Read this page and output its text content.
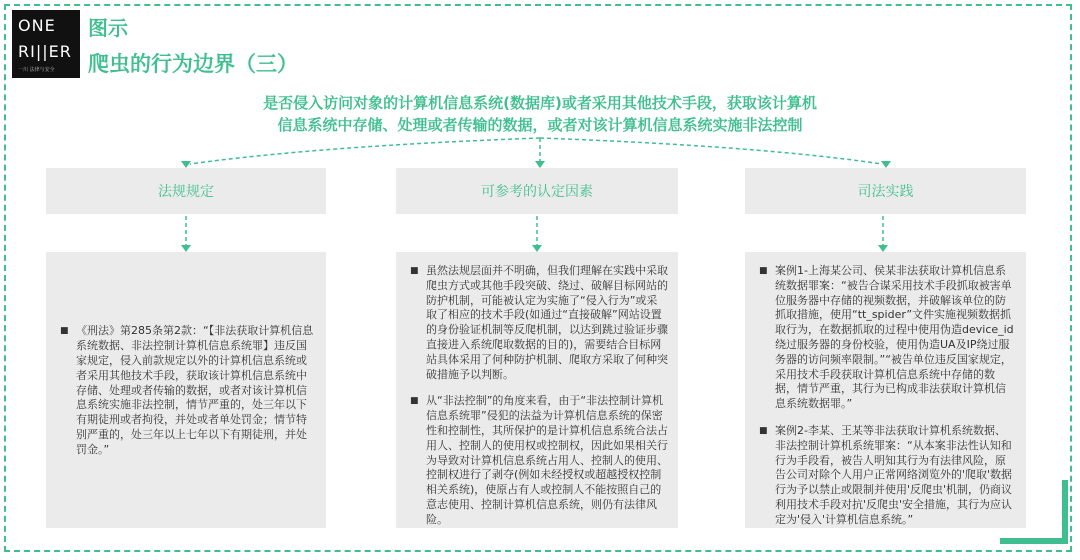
ONE
RI||ER
一川 法律与安全
图示
爬虫的行为边界（三）
是否侵入访问对象的计算机信息系统(数据库)或者采用其他技术手段，获取该计算机
信息系统中存储、处理或者传输的数据，或者对该计算机信息系统实施非法控制
法规规定	可参考的认定因素	司法实践
■ 《刑法》第285条第2款：“【非法获取计算机信息系统数据、非法控制计算机信息系统罪】违反国家规定，侵入前款规定以外的计算机信息系统或者采用其他技术手段，获取该计算机信息系统中存储、处理或者传输的数据，或者对该计算机信息系统实施非法控制，情节严重的，处三年以下有期徒刑或者拘役，并处或者单处罚金；情节特别严重的，处三年以上七年以下有期徒刑，并处罚金。”
■ 虽然法规层面并不明确，但我们理解在实践中采取爬虫方式或其他手段突破、绕过、破解目标网站的防护机制，可能被认定为实施了“侵入行为”或采取了相应的技术手段(如通过“直接破解”网站设置的身份验证机制等反爬机制，以达到跳过验证步骤直接进入系统爬取数据的目的)，需要结合目标网站具体采用了何种防护机制、爬取方采取了何种突破措施予以判断。
■ 从“非法控制”的角度来看，由于“非法控制计算机信息系统罪”侵犯的法益为计算机信息系统的保密性和控制性，其所保护的是计算机信息系统合法占用人、控制人的使用权或控制权，因此如果相关行为导致对计算机信息系统占用人、控制人的使用、控制权进行了剥夺(例如未经授权或超越授权控制相关系统)，使原占有人或控制人不能按照自己的意志使用、控制计算机信息系统，则仍有法律风险。
■ 案例1-上海某公司、侯某非法获取计算机信息系统数据罪案：“被告合谋采用技术手段抓取被害单位服务器中存储的视频数据，并破解该单位的防抓取措施，使用“tt_spider”文件实施视频数据抓取行为，在数据抓取的过程中使用伪造device_id绕过服务器的身份校验，使用伪造UA及IP绕过服务器的访问频率限制。”“被告单位违反国家规定，采用技术手段获取计算机信息系统中存储的数据，情节严重，其行为已构成非法获取计算机信息系统数据罪。”
■ 案例2-李某、王某等非法获取计算机系统数据、非法控制计算机系统罪案：“从本案非法性认知和行为手段看，被告人明知其行为有法律风险，原告公司对除个人用户正常网络浏览外的'爬取'数据行为予以禁止或限制并使用'反爬虫'机制，仍商议利用技术手段对抗'反爬虫'安全措施，其行为应认定为'侵入'计算机信息系统。”
